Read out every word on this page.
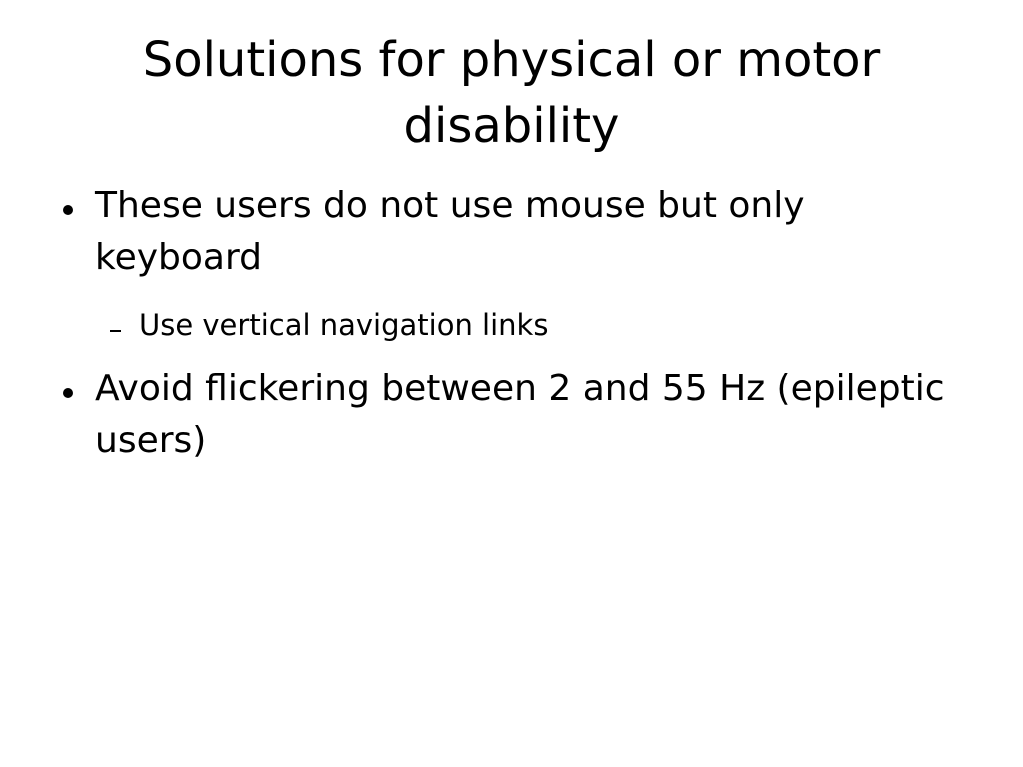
Solutions for physical or motor disability
These users do not use mouse but only keyboard
Use vertical navigation links
Avoid flickering between 2 and 55 Hz (epileptic users)
